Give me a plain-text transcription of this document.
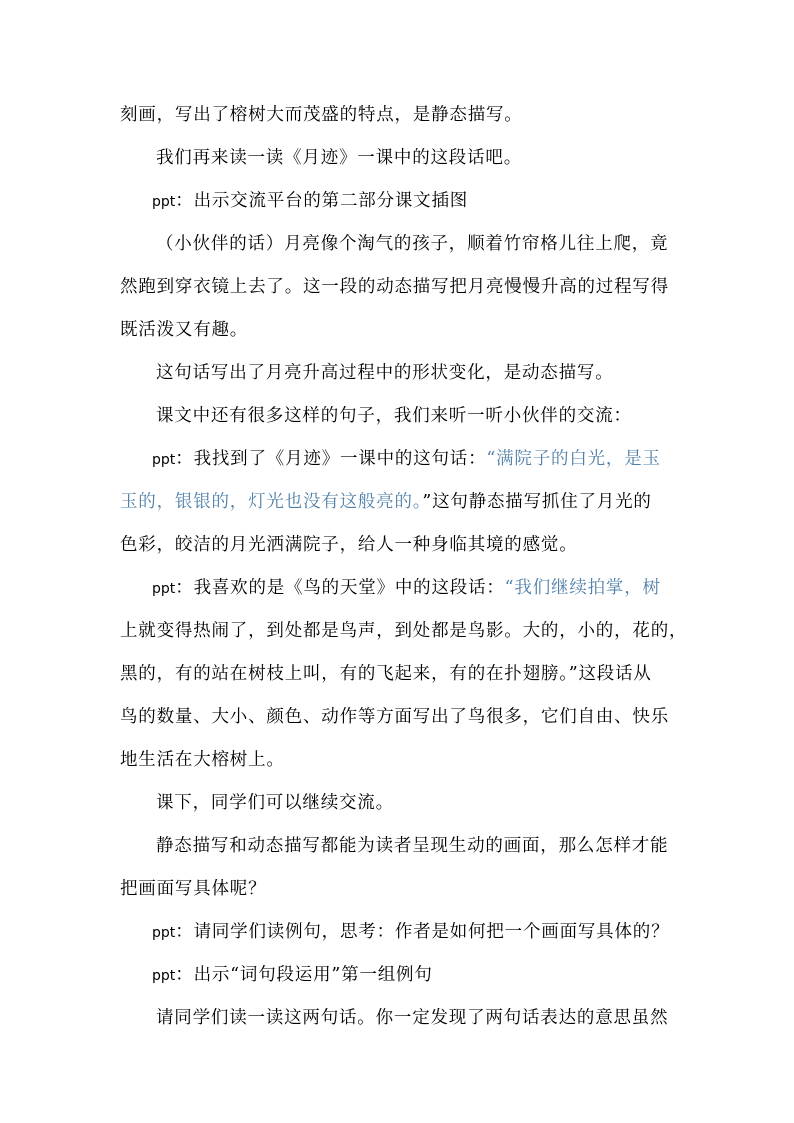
刻画，写出了榕树大而茂盛的特点，是静态描写。
我们再来读一读《月迹》一课中的这段话吧。
ppt：出示交流平台的第二部分课文插图
（小伙伴的话）月亮像个淘气的孩子，顺着竹帘格儿往上爬，竟
然跑到穿衣镜上去了。这一段的动态描写把月亮慢慢升高的过程写得
既活泼又有趣。
这句话写出了月亮升高过程中的形状变化，是动态描写。
课文中还有很多这样的句子，我们来听一听小伙伴的交流：
ppt：我找到了《月迹》一课中的这句话：“满院子的白光，是玉
玉的，银银的，灯光也没有这般亮的。”这句静态描写抓住了月光的
色彩，皎洁的月光洒满院子，给人一种身临其境的感觉。
ppt：我喜欢的是《鸟的天堂》中的这段话：“我们继续拍掌，树
上就变得热闹了，到处都是鸟声，到处都是鸟影。大的，小的，花的，
黑的，有的站在树枝上叫，有的飞起来，有的在扑翅膀。”这段话从
鸟的数量、大小、颜色、动作等方面写出了鸟很多，它们自由、快乐
地生活在大榕树上。
课下，同学们可以继续交流。
静态描写和动态描写都能为读者呈现生动的画面，那么怎样才能
把画面写具体呢？
ppt：请同学们读例句，思考：作者是如何把一个画面写具体的？
ppt：出示“词句段运用”第一组例句
请同学们读一读这两句话。你一定发现了两句话表达的意思虽然
